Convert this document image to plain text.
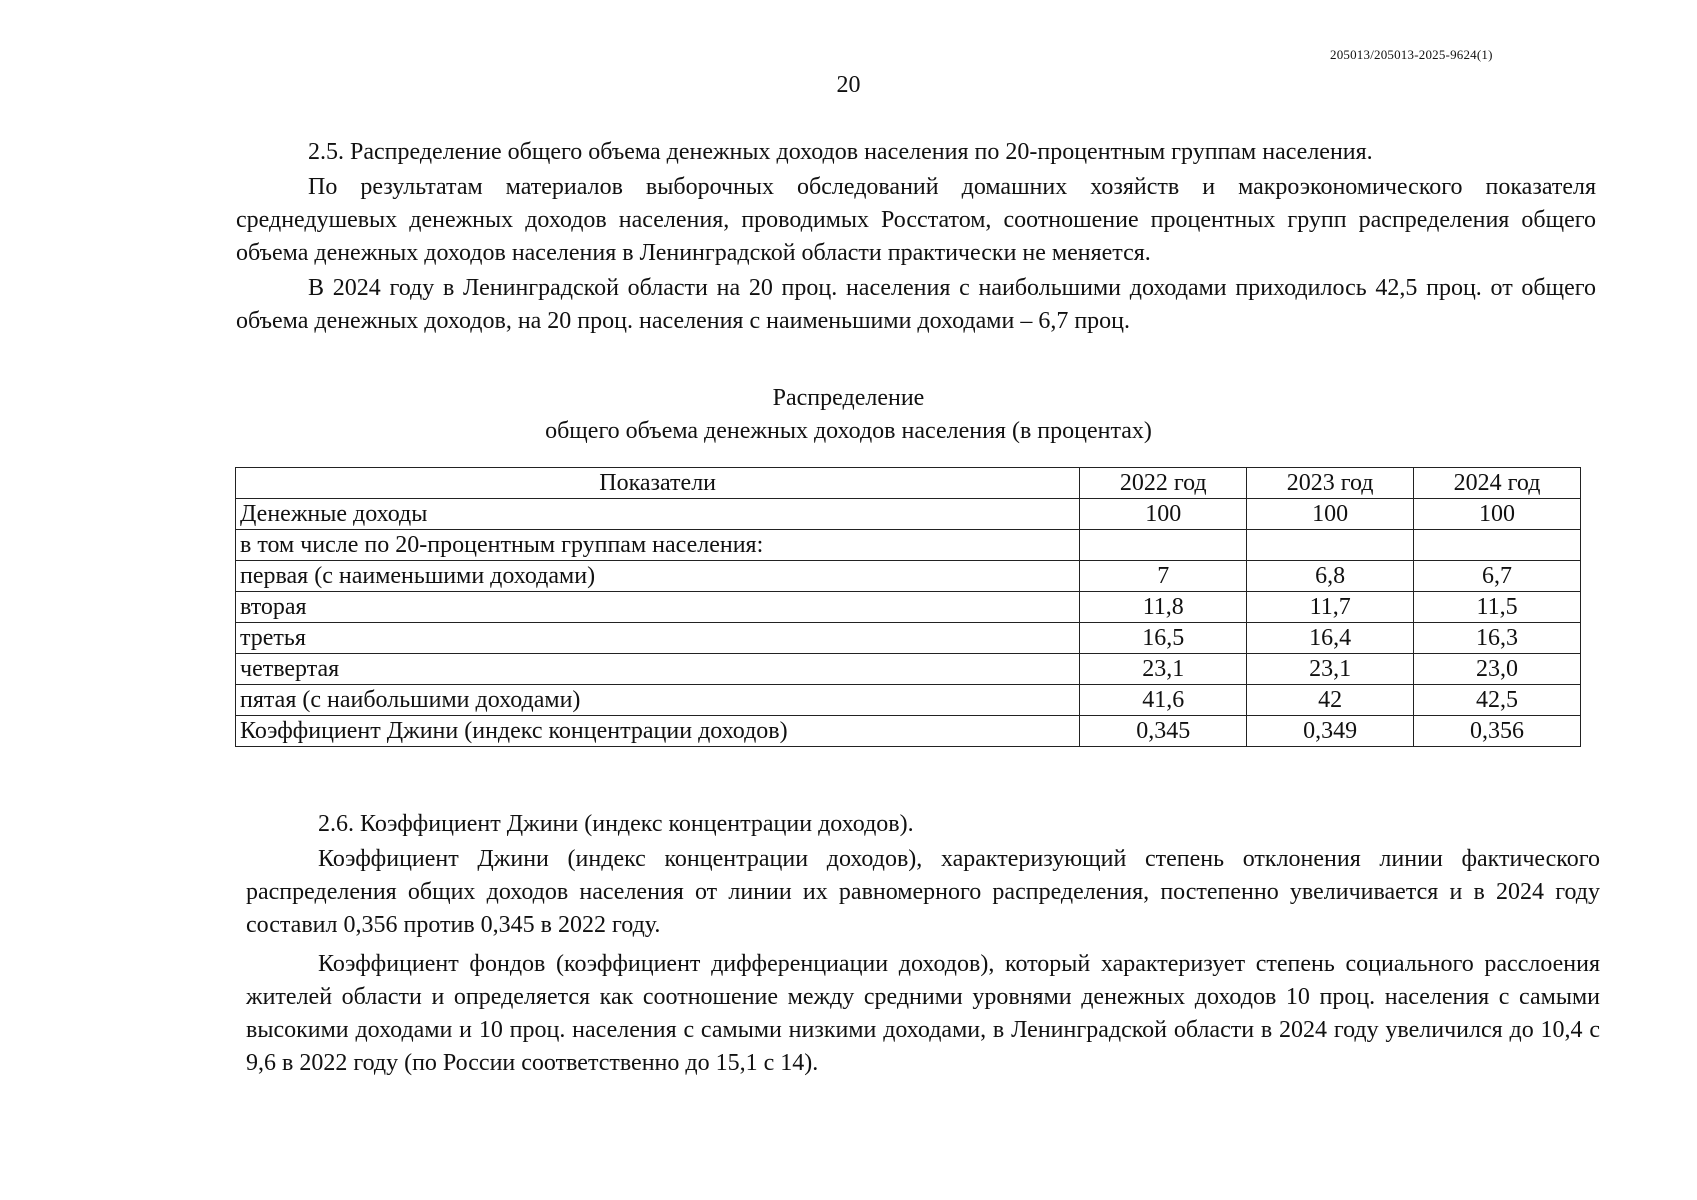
205013/205013-2025-9624(1)
20

2.5. Распределение общего объема денежных доходов населения по 20-процентным группам населения.

По результатам материалов выборочных обследований домашних хозяйств и макроэкономического показателя среднедушевых денежных доходов населения, проводимых Росстатом, соотношение процентных групп распределения общего объема денежных доходов населения в Ленинградской области практически не меняется.

В 2024 году в Ленинградской области на 20 проц. населения с наибольшими доходами приходилось 42,5 проц. от общего объема денежных доходов, на 20 проц. населения с наименьшими доходами – 6,7 проц.

Распределение
общего объема денежных доходов населения (в процентах)
Показатели	2022 год	2023 год	2024 год
Денежные доходы	100	100	100
в том числе по 20-процентным группам населения:			
первая (с наименьшими доходами)	7	6,8	6,7
вторая	11,8	11,7	11,5
третья	16,5	16,4	16,3
четвертая	23,1	23,1	23,0
пятая (с наибольшими доходами)	41,6	42	42,5
Коэффициент Джини (индекс концентрации доходов)	0,345	0,349	0,356

2.6. Коэффициент Джини (индекс концентрации доходов).

Коэффициент Джини (индекс концентрации доходов), характеризующий степень отклонения линии фактического распределения общих доходов населения от линии их равномерного распределения, постепенно увеличивается и в 2024 году составил 0,356 против 0,345 в 2022 году.

Коэффициент фондов (коэффициент дифференциации доходов), который характеризует степень социального расслоения жителей области и определяется как соотношение между средними уровнями денежных доходов 10 проц. населения с самыми высокими доходами и 10 проц. населения с самыми низкими доходами, в Ленинградской области в 2024 году увеличился до 10,4 с 9,6 в 2022 году (по России соответственно до 15,1 с 14).
